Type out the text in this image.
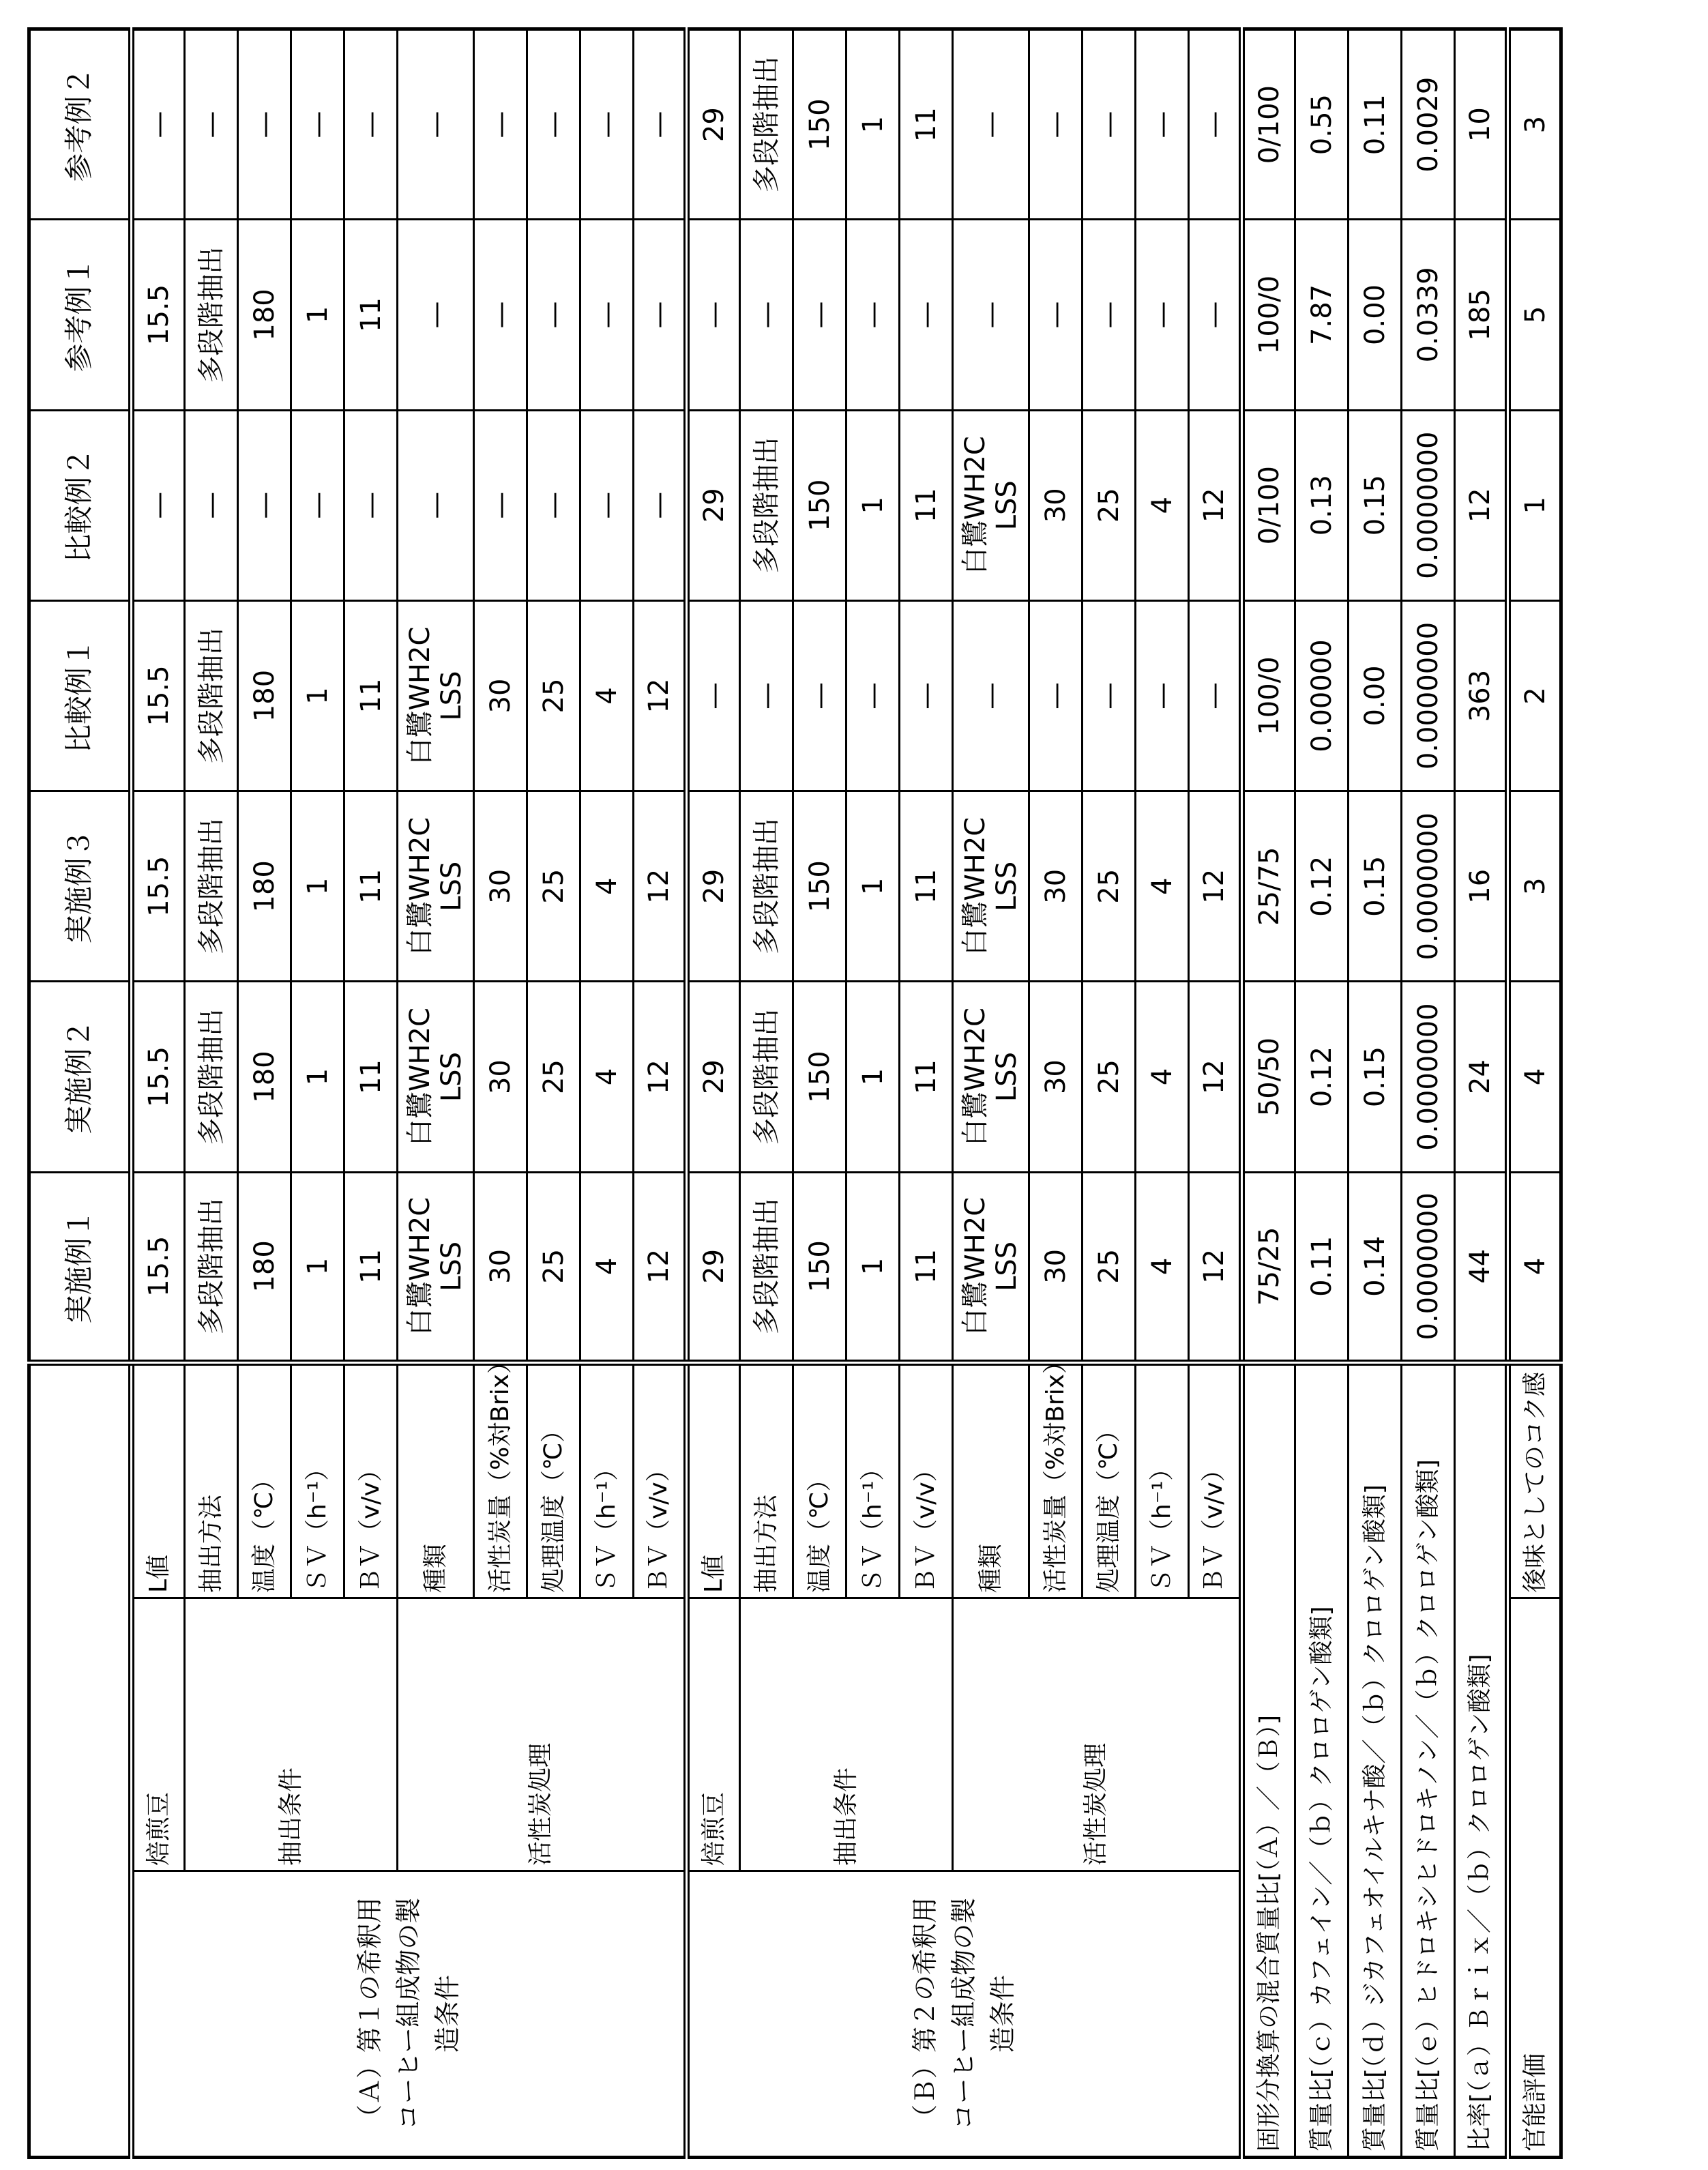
	実施例１	実施例２	実施例３	比較例１	比較例２	参考例１	参考例２
（Ａ）第１の希釈用コーヒー組成物の製造条件	焙煎豆	L値	15.5	15.5	15.5	15.5	—	15.5	—
抽出条件	抽出方法	多段階抽出	多段階抽出	多段階抽出	多段階抽出	—	多段階抽出	—
温度（℃）	180	180	180	180	—	180	—
ＳＶ（h⁻¹）	1	1	1	1	—	1	—
ＢＶ（v/v）	11	11	11	11	—	11	—
活性炭処理	種類	白鷺WH2C LSS	白鷺WH2C LSS	白鷺WH2C LSS	白鷺WH2C LSS	—	—	—
活性炭量（%対Brix）	30	30	30	30	—	—	—
処理温度（℃）	25	25	25	25	—	—	—
ＳＶ（h⁻¹）	4	4	4	4	—	—	—
ＢＶ（v/v）	12	12	12	12	—	—	—
（Ｂ）第２の希釈用コーヒー組成物の製造条件	焙煎豆	L値	29	29	29	—	29	—	29
抽出条件	抽出方法	多段階抽出	多段階抽出	多段階抽出	—	多段階抽出	—	多段階抽出
温度（℃）	150	150	150	—	150	—	150
ＳＶ（h⁻¹）	1	1	1	—	1	—	1
ＢＶ（v/v）	11	11	11	—	11	—	11
活性炭処理	種類	白鷺WH2C LSS	白鷺WH2C LSS	白鷺WH2C LSS	—	白鷺WH2C LSS	—	—
活性炭量（%対Brix）	30	30	30	—	30	—	—
処理温度（℃）	25	25	25	—	25	—	—
ＳＶ（h⁻¹）	4	4	4	—	4	—	—
ＢＶ（v/v）	12	12	12	—	12	—	—
固形分換算の混合質量比[（Ａ）／（Ｂ）]	75/25	50/50	25/75	100/0	0/100	100/0	0/100
質量比[（ｃ）カフェイン／（ｂ）クロロゲン酸類]	0.11	0.12	0.12	0.00000	0.13	7.87	0.55
質量比[（ｄ）ジカフェオイルキナ酸／（ｂ）クロロゲン酸類]	0.14	0.15	0.15	0.00	0.15	0.00	0.11
質量比[（ｅ）ヒドロキシヒドロキノン／（ｂ）クロロゲン酸類]	0.0000000	0.0000000	0.0000000	0.0000000	0.0000000	0.0339	0.0029
比率[（ａ）Ｂｒｉｘ／（ｂ）クロロゲン酸類]	44	24	16	363	12	185	10
官能評価	後味としてのコク感	4	4	3	2	1	5	3
